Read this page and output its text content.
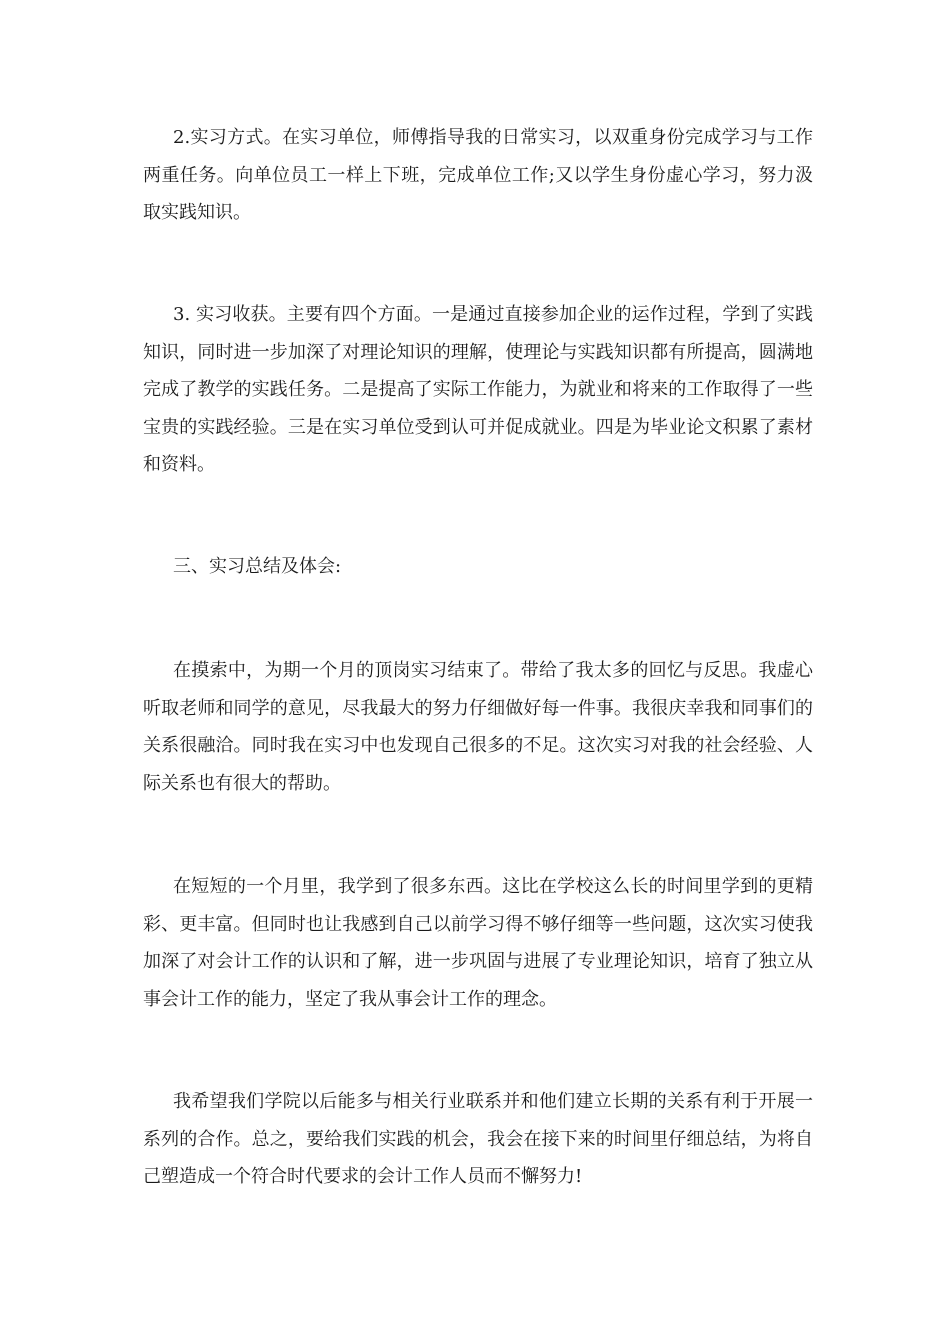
2.实习方式。在实习单位，师傅指导我的日常实习，以双重身份完成学习与工作两重任务。向单位员工一样上下班，完成单位工作;又以学生身份虚心学习，努力汲取实践知识。

3. 实习收获。主要有四个方面。一是通过直接参加企业的运作过程，学到了实践知识，同时进一步加深了对理论知识的理解，使理论与实践知识都有所提高，圆满地完成了教学的实践任务。二是提高了实际工作能力，为就业和将来的工作取得了一些宝贵的实践经验。三是在实习单位受到认可并促成就业。四是为毕业论文积累了素材和资料。

三、实习总结及体会:

在摸索中，为期一个月的顶岗实习结束了。带给了我太多的回忆与反思。我虚心听取老师和同学的意见，尽我最大的努力仔细做好每一件事。我很庆幸我和同事们的关系很融洽。同时我在实习中也发现自己很多的不足。这次实习对我的社会经验、人际关系也有很大的帮助。

在短短的一个月里，我学到了很多东西。这比在学校这么长的时间里学到的更精彩、更丰富。但同时也让我感到自己以前学习得不够仔细等一些问题，这次实习使我加深了对会计工作的认识和了解，进一步巩固与进展了专业理论知识，培育了独立从事会计工作的能力，坚定了我从事会计工作的理念。

我希望我们学院以后能多与相关行业联系并和他们建立长期的关系有利于开展一系列的合作。总之，要给我们实践的机会，我会在接下来的时间里仔细总结，为将自己塑造成一个符合时代要求的会计工作人员而不懈努力!
